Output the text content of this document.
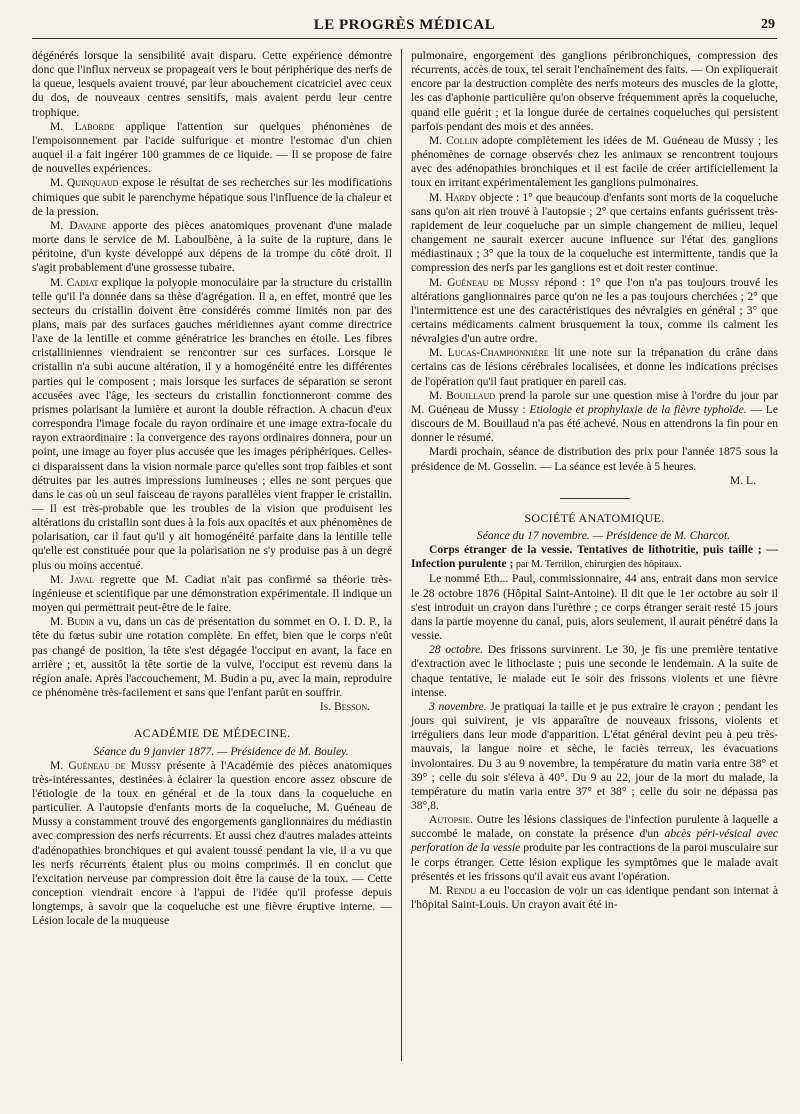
LE PROGRÈS MÉDICAL	29

dégénérés lorsque la sensibilité avait disparu. Cette expérience démontre donc que l'influx nerveux se propageait vers le bout périphérique des nerfs de la queue, lesquels avaient trouvé, par leur abouchement cicatriciel avec ceux du dos, de nouveaux centres sensitifs, mais avaient perdu leur centre trophique.

M. Laborde applique l'attention sur quelques phénomènes de l'empoisonnement par l'acide sulfurique et montre l'estomac d'un chien auquel il a fait ingérer 100 grammes de ce liquide. — Il se propose de faire de nouvelles expériences.

M. Quinquaud expose le résultat de ses recherches sur les modifications chimiques que subit le parenchyme hépatique sous l'influence de la chaleur et de la pression.

M. Davaine apporte des pièces anatomiques provenant d'une malade morte dans le service de M. Laboulbène, à la suite de la rupture, dans le péritoine, d'un kyste développé aux dépens de la trompe du côté droit. Il s'agit probablement d'une grossesse tubaire.

M. Cadiat explique la polyopie monoculaire par la structure du cristallin telle qu'il l'a donnée dans sa thèse d'agrégation. Il a, en effet, montré que les secteurs du cristallin doivent être considérés comme limités non par des plans, mais par des surfaces gauches méridiennes ayant comme directrice l'axe de la lentille et comme génératrice les branches en étoile. Les fibres cristalliniennes viendraient se rencontrer sur ces surfaces. Lorsque le cristallin n'a subi aucune altération, il y a homogénéité entre les différentes parties qui le composent ; mais lorsque les surfaces de séparation se seront accusées avec l'âge, les secteurs du cristallin fonctionneront comme des prismes polarisant la lumière et auront la double réfraction. A chacun d'eux correspondra l'image focale du rayon ordinaire et une image extra-focale du rayon extraordinaire : la convergence des rayons ordinaires donnera, pour un point, une image au foyer plus accusée que les images périphériques. Celles-ci disparaissent dans la vision normale parce qu'elles sont trop faibles et sont détruites par les autres impressions lumineuses ; elles ne sont perçues que dans le cas où un seul faisceau de rayons parallèles vient frapper le cristallin. — Il est très-probable que les troubles de la vision que produisent les altérations du cristallin sont dues à la fois aux opacités et aux phénomènes de polarisation, car il faut qu'il y ait homogénéité parfaite dans la lentille telle qu'elle est constituée pour que la polarisation ne s'y produise pas à un degré plus ou moins accentué.

M. Javal regrette que M. Cadiat n'ait pas confirmé sa théorie très-ingénieuse et scientifique par une démonstration expérimentale. Il indique un moyen qui permettrait peut-être de le faire.

M. Budin a vu, dans un cas de présentation du sommet en O. I. D. P., la tête du fœtus subir une rotation complète. En effet, bien que le corps n'eût pas changé de position, la tête s'est dégagée l'occiput en avant, la face en arrière ; et, aussitôt la tête sortie de la vulve, l'occiput est revenu dans la région anale. Après l'accouchement, M. Budin a pu, avec la main, reproduire ce phénomène très-facilement et sans que l'enfant parût en souffrir.

Is. Besson.

ACADÉMIE DE MÉDECINE.

Séance du 9 janvier 1877. — Présidence de M. Bouley.

M. Guéneau de Mussy présente à l'Académie des pièces anatomiques très-intéressantes, destinées à éclairer la question encore assez obscure de l'étiologie de la toux en général et de la toux dans la coqueluche en particulier. A l'autopsie d'enfants morts de la coqueluche, M. Guéneau de Mussy a constamment trouvé des engorgements ganglionnaires du médiastin avec compression des nerfs récurrents. Et aussi chez d'autres malades atteints d'adénopathies bronchiques et qui avaient toussé pendant la vie, il a vu que les nerfs récurrents étaient plus ou moins comprimés. Il en conclut que l'excitation nerveuse par compression doit être la cause de la toux. — Cette conception viendrait encore à l'appui de l'idée qu'il professe depuis longtemps, à savoir que la coqueluche est une fièvre éruptive interne. — Lésion locale de la muqueuse

pulmonaire, engorgement des ganglions péribronchiques, compression des récurrents, accès de toux, tel serait l'enchaînement des faits. — On expliquerait encore par la destruction complète des nerfs moteurs des muscles de la glotte, les cas d'aphonie particulière qu'on observe fréquemment après la coqueluche, quand elle guérit ; et la longue durée de certaines coqueluches qui persistent parfois pendant des mois et des années.

M. Collin adopte complètement les idées de M. Guéneau de Mussy ; les phénomènes de cornage observés chez les animaux se rencontrent toujours avec des adénopathies bronchiques et il est facile de créer artificiellement la toux en irritant expérimentalement les ganglions pulmonaires.

M. Hardy objecte : 1° que beaucoup d'enfants sont morts de la coqueluche sans qu'on ait rien trouvé à l'autopsie ; 2° que certains enfants guérissent très-rapidement de leur coqueluche par un simple changement de milieu, lequel changement ne saurait exercer aucune influence sur l'état des ganglions médiastinaux ; 3° que la toux de la coqueluche est intermittente, tandis que la compression des nerfs par les ganglions est et doit rester continue.

M. Guéneau de Mussy répond : 1° que l'on n'a pas toujours trouvé les altérations ganglionnaires parce qu'on ne les a pas toujours cherchées ; 2° que l'intermittence est une des caractéristiques des névralgies en général ; 3° que certains médicaments calment brusquement la toux, comme ils calment les névralgies d'un autre ordre.

M. Lucas-Championnière lit une note sur la trépanation du crâne dans certains cas de lésions cérébrales localisées, et donne les indications précises de l'opération qu'il faut pratiquer en pareil cas.

M. Bouillaud prend la parole sur une question mise à l'ordre du jour par M. Guéneau de Mussy : Etiologie et prophylaxie de la fièvre typhoïde. — Le discours de M. Bouillaud n'a pas été achevé. Nous en attendrons la fin pour en donner le résumé.

Mardi prochain, séance de distribution des prix pour l'année 1875 sous la présidence de M. Gosselin. — La séance est levée à 5 heures.

M. L.

SOCIÉTÉ ANATOMIQUE.

Séance du 17 novembre. — Présidence de M. Charcot.

Corps étranger de la vessie. Tentatives de lithotritie, puis taille ; — Infection purulente ; par M. Terrillon, chirurgien des hôpitaux.

Le nommé Eth... Paul, commissionnaire, 44 ans, entrait dans mon service le 28 octobre 1876 (Hôpital Saint-Antoine). Il dit que le 1er octobre au soir il s'est introduit un crayon dans l'urèthre ; ce corps étranger serait resté 15 jours dans la partie moyenne du canal, puis, alors seulement, il aurait pénétré dans la vessie.

28 octobre. Des frissons survinrent. Le 30, je fis une première tentative d'extraction avec le lithoclaste ; puis une seconde le lendemain. A la suite de chaque tentative, le malade eut le soir des frissons violents et une fièvre intense.

3 novembre. Je pratiquai la taille et je pus extraire le crayon ; pendant les jours qui suivirent, je vis apparaître de nouveaux frissons, violents et irréguliers dans leur mode d'apparition. L'état général devint peu à peu très-mauvais, la langue noire et sèche, le faciès terreux, les évacuations involontaires. Du 3 au 9 novembre, la température du matin varia entre 38° et 39° ; celle du soir s'éleva à 40°. Du 9 au 22, jour de la mort du malade, la température du matin varia entre 37° et 38° ; celle du soir ne dépassa pas 38°,8.

Autopsie. Outre les lésions classiques de l'infection purulente à laquelle a succombé le malade, on constate la présence d'un abcès péri-vésical avec perforation de la vessie produite par les contractions de la paroi musculaire sur le corps étranger. Cette lésion explique les symptômes que le malade avait présentés et les frissons qu'il avait eus avant l'opération.

M. Rendu a eu l'occasion de voir un cas identique pendant son internat à l'hôpital Saint-Louis. Un crayon avait été in-
